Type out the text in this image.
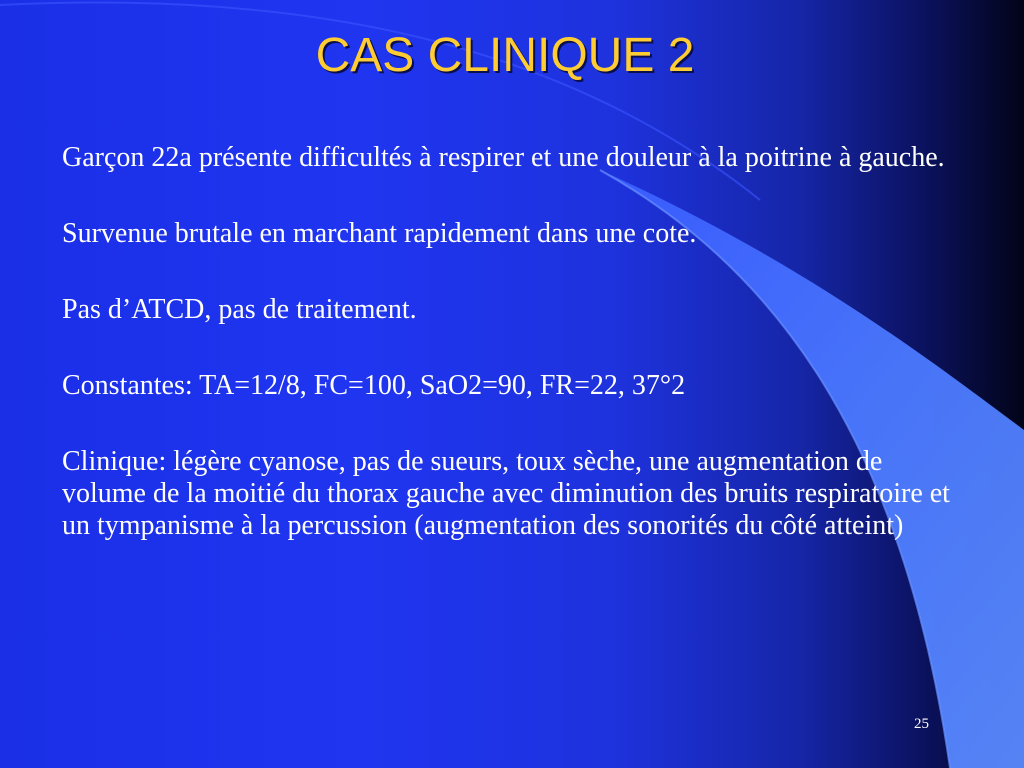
CAS CLINIQUE 2

Garçon 22a présente difficultés à respirer et une douleur à la poitrine à gauche.

Survenue brutale en marchant rapidement dans une cote.

Pas d’ATCD, pas de traitement.

Constantes: TA=12/8, FC=100, SaO2=90, FR=22, 37°2

Clinique: légère cyanose, pas de sueurs, toux sèche, une augmentation de volume de la moitié du thorax gauche avec diminution des bruits respiratoire et un tympanisme à la percussion (augmentation des sonorités du côté atteint)

25
